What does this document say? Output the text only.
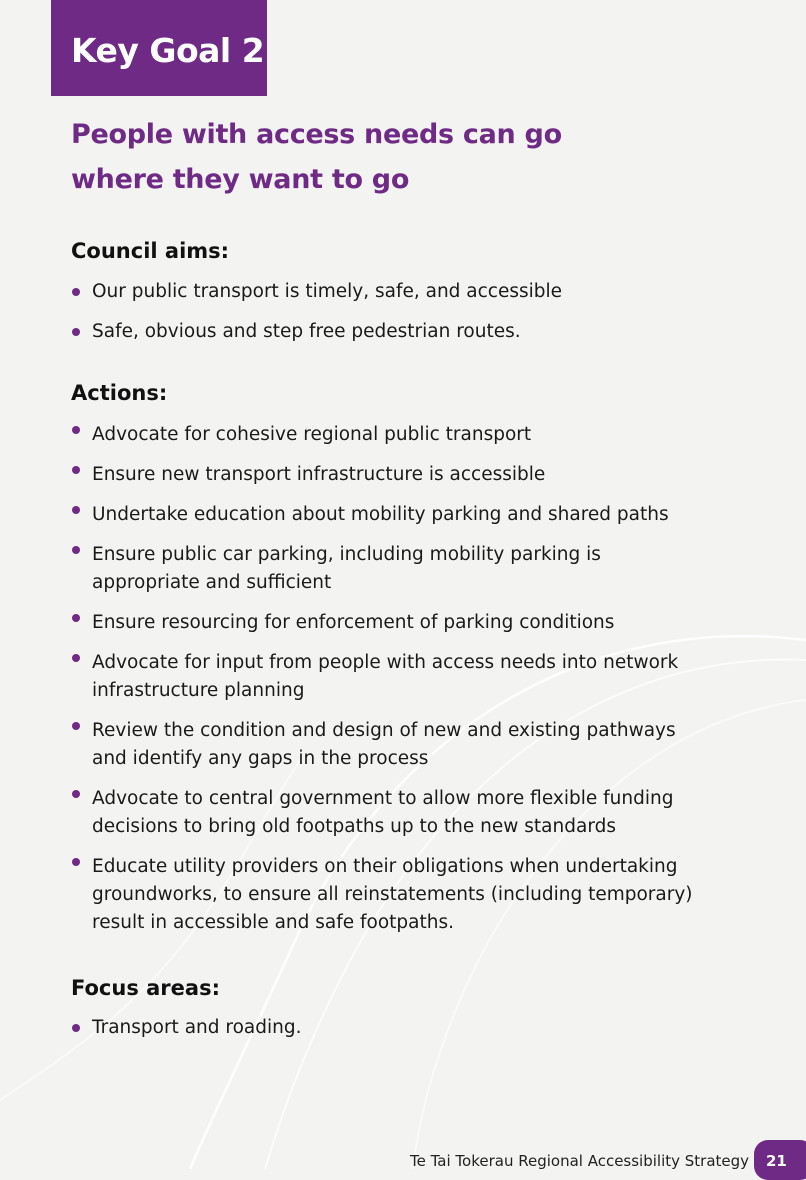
Key Goal 2
People with access needs can go where they want to go
Council aims:
Our public transport is timely, safe, and accessible
Safe, obvious and step free pedestrian routes.
Actions:
Advocate for cohesive regional public transport
Ensure new transport infrastructure is accessible
Undertake education about mobility parking and shared paths
Ensure public car parking, including mobility parking is appropriate and sufficient
Ensure resourcing for enforcement of parking conditions
Advocate for input from people with access needs into network infrastructure planning
Review the condition and design of new and existing pathways and identify any gaps in the process
Advocate to central government to allow more flexible funding decisions to bring old footpaths up to the new standards
Educate utility providers on their obligations when undertaking groundworks, to ensure all reinstatements (including temporary) result in accessible and safe footpaths.
Focus areas:
Transport and roading.
Te Tai Tokerau Regional Accessibility Strategy 21
